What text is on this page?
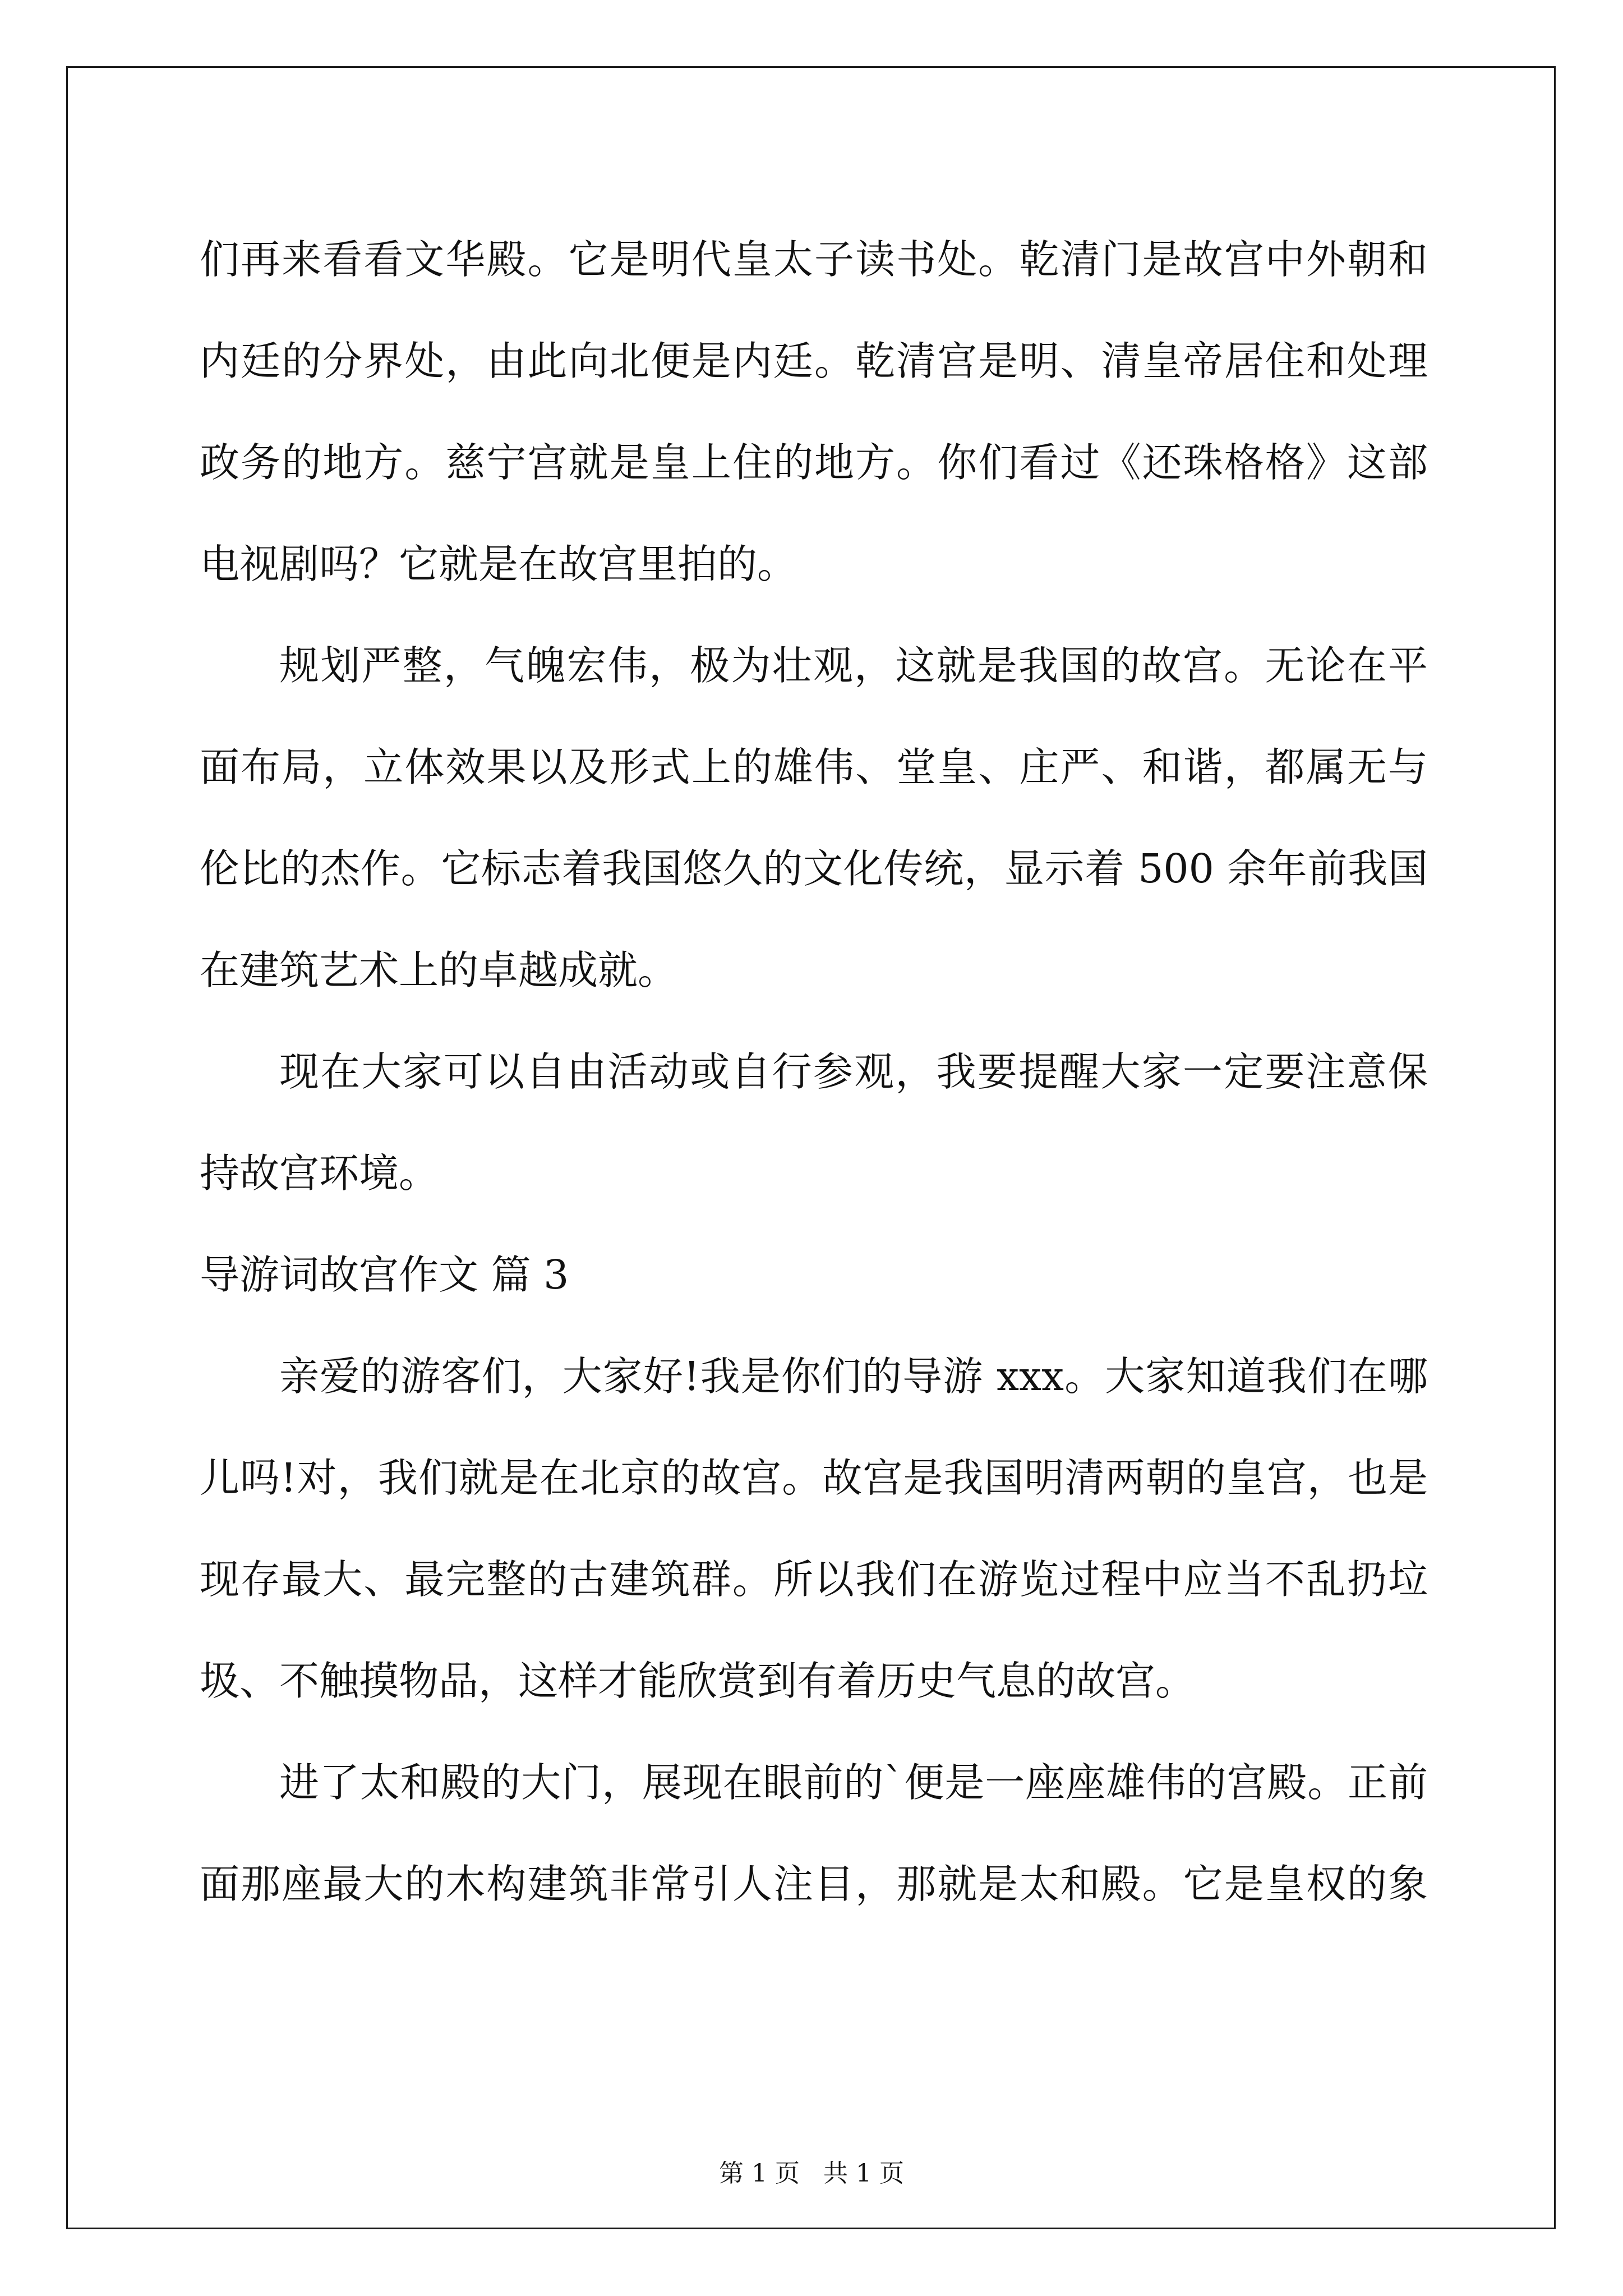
们再来看看文华殿。它是明代皇太子读书处。乾清门是故宫中外朝和
内廷的分界处，由此向北便是内廷。乾清宫是明、清皇帝居住和处理
政务的地方。慈宁宫就是皇上住的地方。你们看过《还珠格格》这部
电视剧吗？它就是在故宫里拍的。
规划严整，气魄宏伟，极为壮观，这就是我国的故宫。无论在平
面布局，立体效果以及形式上的雄伟、堂皇、庄严、和谐，都属无与
伦比的杰作。它标志着我国悠久的文化传统，显示着 500 余年前我国
在建筑艺术上的卓越成就。
现在大家可以自由活动或自行参观，我要提醒大家一定要注意保
持故宫环境。
导游词故宫作文 篇 3
亲爱的游客们，大家好!我是你们的导游 xxx。大家知道我们在哪
儿吗!对，我们就是在北京的故宫。故宫是我国明清两朝的皇宫，也是
现存最大、最完整的古建筑群。所以我们在游览过程中应当不乱扔垃
圾、不触摸物品，这样才能欣赏到有着历史气息的故宫。
进了太和殿的大门，展现在眼前的`便是一座座雄伟的宫殿。正前
面那座最大的木构建筑非常引人注目，那就是太和殿。它是皇权的象
第 1 页   共 1 页
